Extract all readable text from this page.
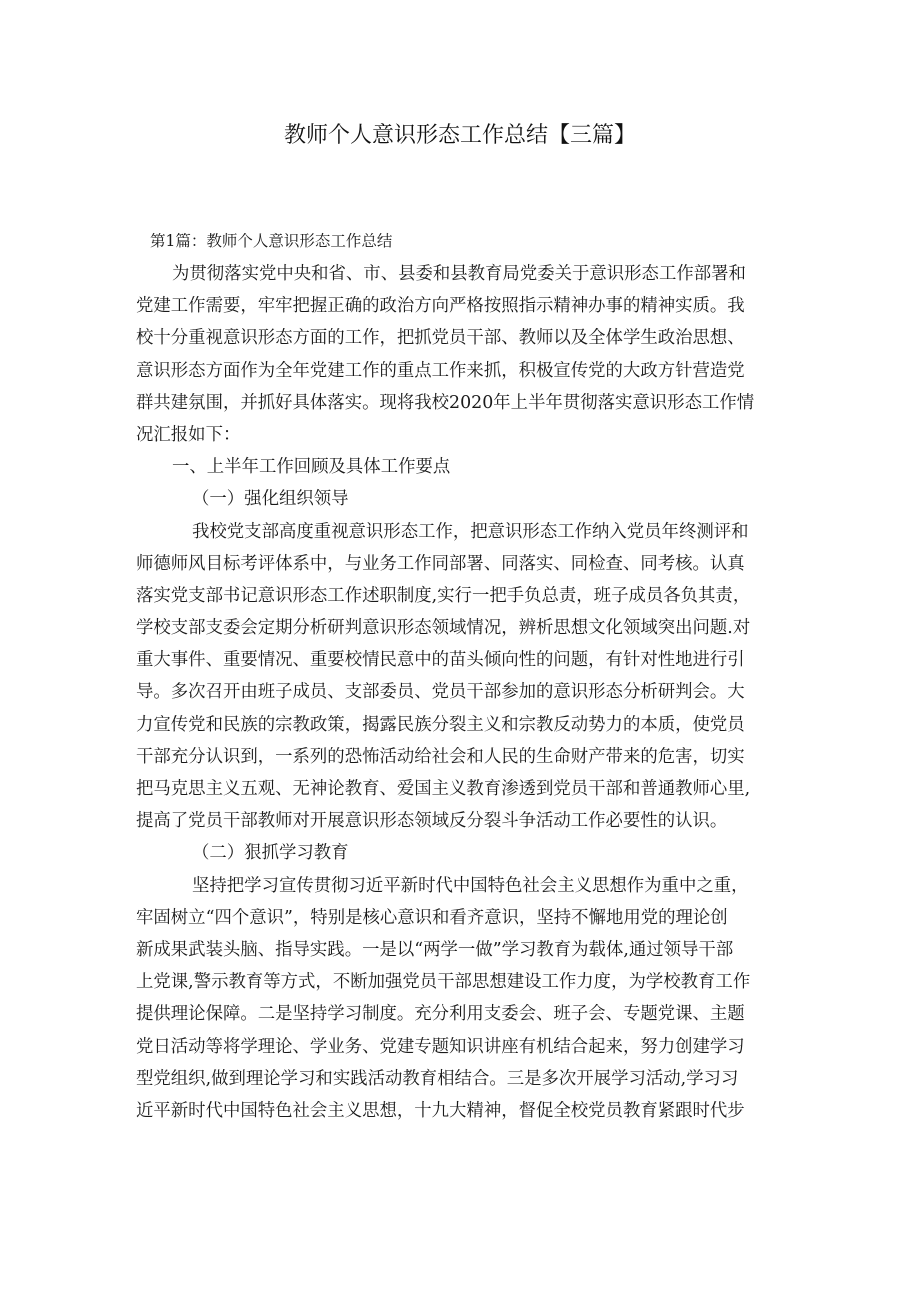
教师个人意识形态工作总结【三篇】
第1篇：教师个人意识形态工作总结
为贯彻落实党中央和省、市、县委和县教育局党委关于意识形态工作部署和
党建工作需要，牢牢把握正确的政治方向严格按照指示精神办事的精神实质。我
校十分重视意识形态方面的工作，把抓党员干部、教师以及全体学生政治思想、
意识形态方面作为全年党建工作的重点工作来抓，积极宣传党的大政方针营造党
群共建氛围，并抓好具体落实。现将我校2020年上半年贯彻落实意识形态工作情
况汇报如下：
一、上半年工作回顾及具体工作要点
（一）强化组织领导
我校党支部高度重视意识形态工作，把意识形态工作纳入党员年终测评和
师德师风目标考评体系中，与业务工作同部署、同落实、同检查、同考核。认真
落实党支部书记意识形态工作述职制度,实行一把手负总责，班子成员各负其责，
学校支部支委会定期分析研判意识形态领域情况，辨析思想文化领域突出问题.对
重大事件、重要情况、重要校情民意中的苗头倾向性的问题，有针对性地进行引
导。多次召开由班子成员、支部委员、党员干部参加的意识形态分析研判会。大
力宣传党和民族的宗教政策，揭露民族分裂主义和宗教反动势力的本质，使党员
干部充分认识到，一系列的恐怖活动给社会和人民的生命财产带来的危害，切实
把马克思主义五观、无神论教育、爱国主义教育渗透到党员干部和普通教师心里,
提高了党员干部教师对开展意识形态领域反分裂斗争活动工作必要性的认识。
（二）狠抓学习教育
坚持把学习宣传贯彻习近平新时代中国特色社会主义思想作为重中之重，
牢固树立“四个意识”，特别是核心意识和看齐意识，坚持不懈地用党的理论创
新成果武装头脑、指导实践。一是以“两学一做”学习教育为载体,通过领导干部
上党课,警示教育等方式，不断加强党员干部思想建设工作力度，为学校教育工作
提供理论保障。二是坚持学习制度。充分利用支委会、班子会、专题党课、主题
党日活动等将学理论、学业务、党建专题知识讲座有机结合起来，努力创建学习
型党组织,做到理论学习和实践活动教育相结合。三是多次开展学习活动,学习习
近平新时代中国特色社会主义思想，十九大精神，督促全校党员教育紧跟时代步
